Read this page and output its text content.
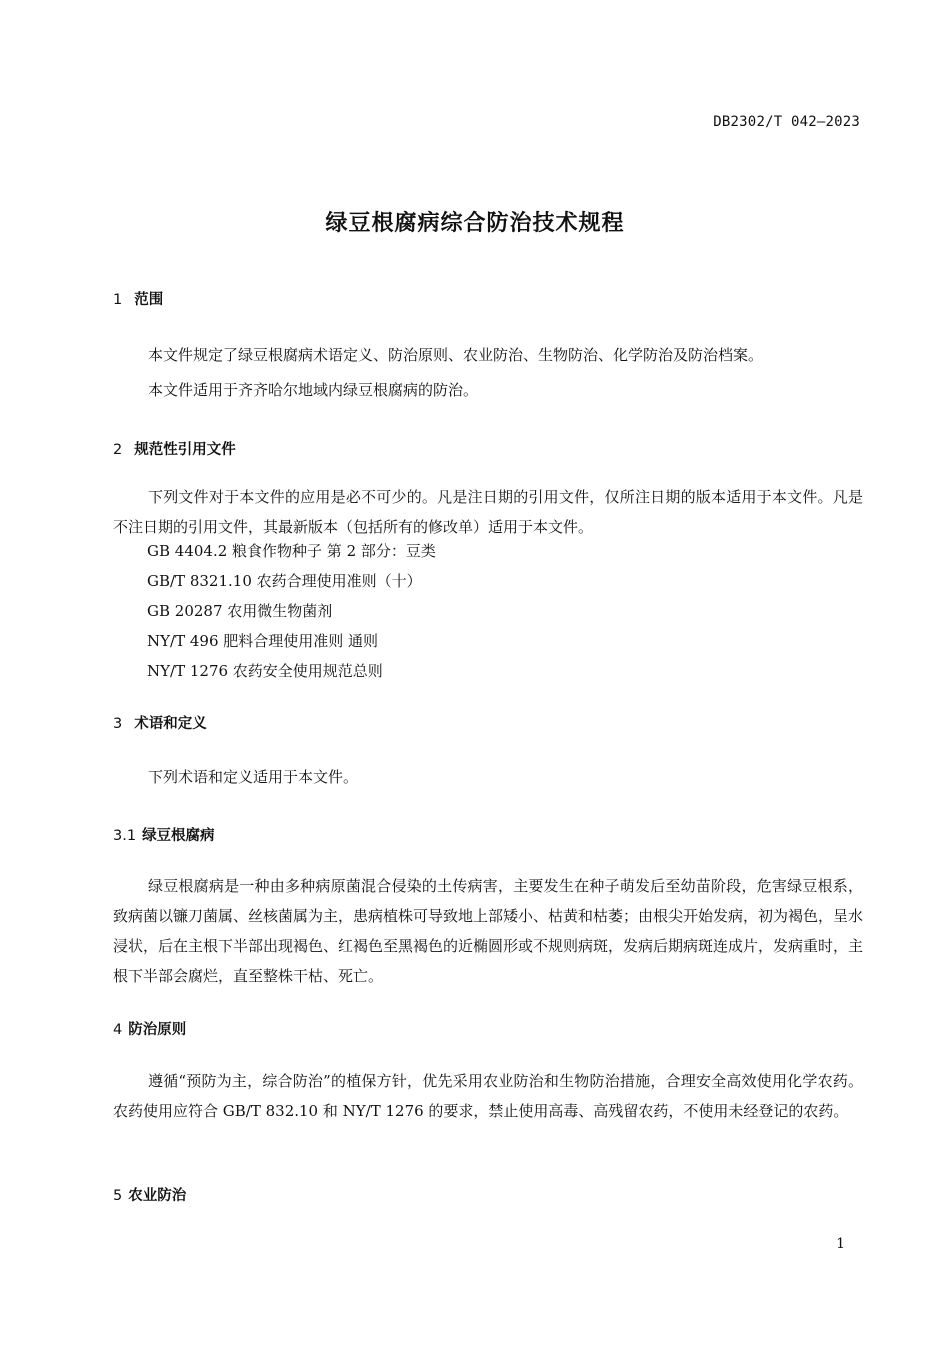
DB2302/T 042—2023
绿豆根腐病综合防治技术规程
1 范围
本文件规定了绿豆根腐病术语定义、防治原则、农业防治、生物防治、化学防治及防治档案。
本文件适用于齐齐哈尔地域内绿豆根腐病的防治。
2 规范性引用文件
下列文件对于本文件的应用是必不可少的。凡是注日期的引用文件，仅所注日期的版本适用于本文件。凡是不注日期的引用文件，其最新版本（包括所有的修改单）适用于本文件。
GB 4404.2 粮食作物种子 第 2 部分：豆类
GB/T 8321.10 农药合理使用准则（十）
GB 20287 农用微生物菌剂
NY/T 496 肥料合理使用准则 通则
NY/T 1276 农药安全使用规范总则
3 术语和定义
下列术语和定义适用于本文件。
3.1 绿豆根腐病
绿豆根腐病是一种由多种病原菌混合侵染的土传病害，主要发生在种子萌发后至幼苗阶段，危害绿豆根系，致病菌以镰刀菌属、丝核菌属为主，患病植株可导致地上部矮小、枯黄和枯萎；由根尖开始发病，初为褐色，呈水浸状，后在主根下半部出现褐色、红褐色至黑褐色的近椭圆形或不规则病斑，发病后期病斑连成片，发病重时，主根下半部会腐烂，直至整株干枯、死亡。
4 防治原则
遵循“预防为主，综合防治”的植保方针，优先采用农业防治和生物防治措施，合理安全高效使用化学农药。农药使用应符合 GB/T 832.10 和 NY/T 1276 的要求，禁止使用高毒、高残留农药，不使用未经登记的农药。
5 农业防治
1
